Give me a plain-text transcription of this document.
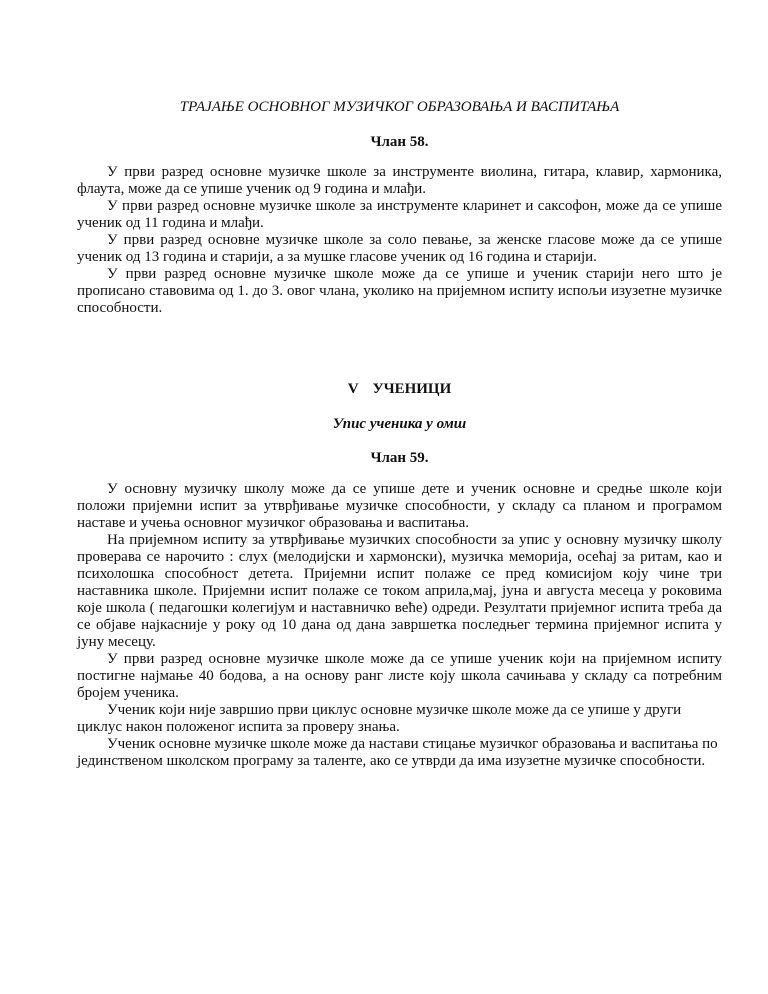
ТРАЈАЊЕ ОСНОВНОГ МУЗИЧКОГ ОБРАЗОВАЊА И ВАСПИТАЊА

Члан 58.

У први разред основне музичке школе за инструменте виолина, гитара, клавир, хармоника, флаута, може да се упише ученик од 9 година и млађи.

У први разред основне музичке школе за инструменте кларинет и саксофон, може да се упише ученик од 11 година и млађи.

У први разред основне музичке школе за соло певање, за женске гласове може да се упише ученик од 13 година и старији, а за мушке гласове ученик од 16 година и старији.

У први разред основне музичке школе може да се упише и ученик старији него што је прописано ставовима од 1. до 3. овог члана, уколико на пријемном испиту испољи изузетне музичке способности.

V УЧЕНИЦИ

Упис ученика у омш

Члан 59.

У основну музичку школу може да се упише дете и ученик основне и средње школе који положи пријемни испит за утврђивање музичке способности, у складу са планом и програмом наставе и учења основног музичког образовања и васпитања.

На пријемном испиту за утврђивање музичких способности за упис у основну музичку школу проверава се нарочито : слух (мелодијски и хармонски), музичка меморија, осећај за ритам, као и психолошка способност детета. Пријемни испит полаже се пред комисијом коју чине три наставника школе. Пријемни испит полаже се током априла,мај, јуна и августа месеца у роковима које школа ( педагошки колегијум и наставничко веће) одреди. Резултати пријемног испита треба да се објаве најкасније у року од 10 дана од дана завршетка последњег термина пријемног испита у јуну месецу.

У први разред основне музичке школе може да се упише ученик који на пријемном испиту постигне најмање 40 бодова, а на основу ранг листе коју школа сачињава у складу са потребним бројем ученика.

Ученик који није завршио први циклус основне музичке школе може да се упише у други циклус након положеног испита за проверу знања.

Ученик основне музичке школе може да настави стицање музичког образовања и васпитања по јединственом школском програму за таленте, ако се утврди да има изузетне музичке способности.
